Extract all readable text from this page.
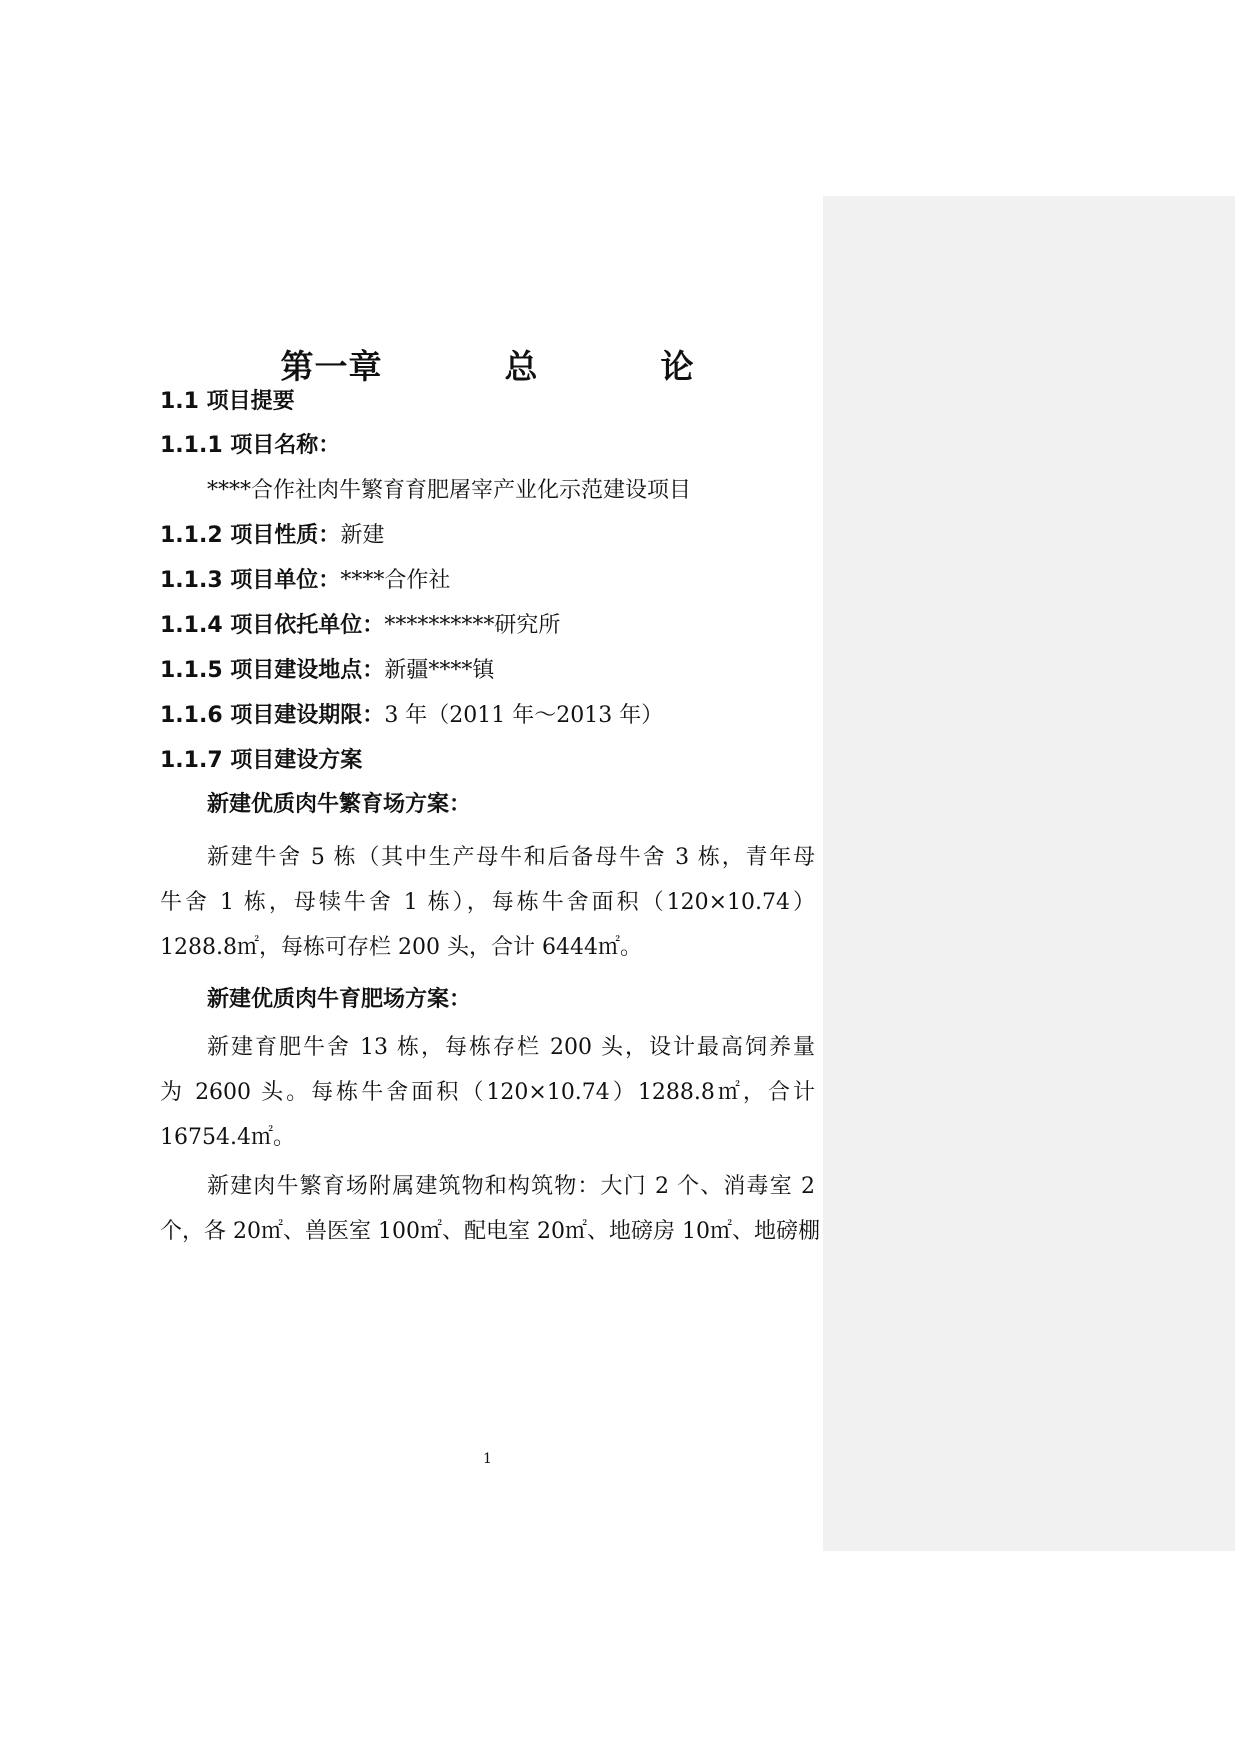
第一章    总    论
1.1 项目提要
1.1.1 项目名称：
****合作社肉牛繁育育肥屠宰产业化示范建设项目
1.1.2 项目性质：新建
1.1.3 项目单位：****合作社
1.1.4 项目依托单位：**********研究所
1.1.5 项目建设地点：新疆****镇
1.1.6 项目建设期限：3 年（2011 年～2013 年）
1.1.7 项目建设方案
新建优质肉牛繁育场方案：
新建牛舍 5 栋（其中生产母牛和后备母牛舍 3 栋，青年母
牛舍 1 栋，母犊牛舍 1 栋），每栋牛舍面积（120×10.74）
1288.8㎡，每栋可存栏 200 头，合计 6444㎡。
新建优质肉牛育肥场方案：
新建育肥牛舍 13 栋，每栋存栏 200 头，设计最高饲养量
为 2600 头。每栋牛舍面积（120×10.74）1288.8㎡，合计
16754.4㎡。
新建肉牛繁育场附属建筑物和构筑物：大门 2 个、消毒室 2
个，各 20㎡、兽医室 100㎡、配电室 20㎡、地磅房 10㎡、地磅棚
1
